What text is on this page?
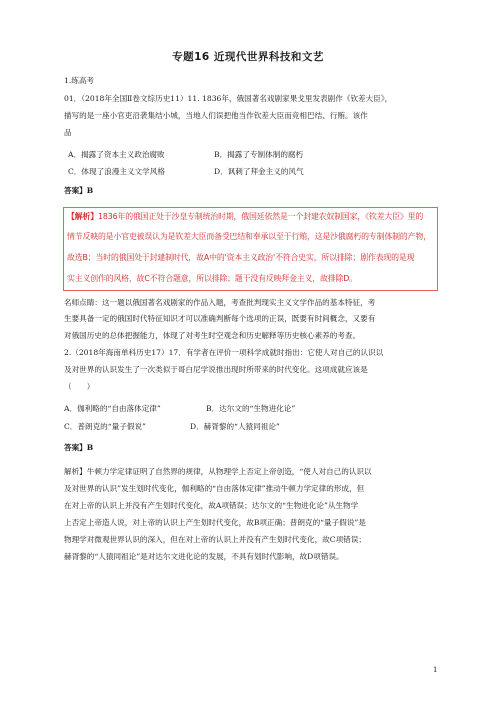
专题16 近现代世界科技和文艺
1.练高考
01．（2018年全国Ⅱ卷文综历史11）11. 1836年，俄国著名戏剧家果戈里发表剧作《钦差大臣》，
描写的是一座小官吏沿袭集结小城，当地人们误把他当作钦差大臣而竞相巴结、行贿。该作
品
A．揭露了资本主义政治腐败	B．揭露了专制体制的腐朽
C．体现了浪漫主义文学风格	D．讽刺了拜金主义的风气
答案】B
【解析】1836年的俄国正处于沙皇专制统治时期，俄国廷依然是一个封建农奴制国家，《钦差大臣》里的
情节反映的是小官吏被误认为是钦差大臣而备受巴结和奉承以至于行贿，这是沙俄腐朽的专制体制的产物，
故选B；当时的俄国处于封建制时代，故A中的'资本主义政治'不符合史实，所以排除；剧作表现的是现
实主义创作的风格，故C不符合题意，所以排除；题干没有反映拜金主义，故排除D。
名师点睛：这一题以俄国著名戏剧家的作品入题，考查批判现实主义文学作品的基本特征，考
生要具备一定的俄国时代特征知识才可以准确判断每个选项的正误，既要有时间概念，又要有
对俄国历史的总体把握能力，体现了对考生时空观念和历史解释等历史核心素养的考查。
2.（2018年海南单科历史17）17．有学者在评价一项科学成就时指出：它使人对自己的认识以
及对世界的认识发生了一次类似于哥白尼学说推出现时所带来的时代变化。这项成就应该是
（　　）
A．伽利略的“自由落体定律”	B．达尔文的“生物进化论”
C．普朗克的“量子假说”	D．赫胥黎的“人猿同祖论”
答案】B
解析】牛顿力学定律证明了自然界的规律，从物理学上否定上帝创造，“使人对自己的认识以
及对世界的认识”发生划时代变化，伽利略的“自由落体定律”推动牛顿力学定律的形成，但
在对上帝的认识上并没有产生划时代变化，故A项错误；达尔文的“生物进化论”从生物学
上否定上帝造人说，对上帝的认识上产生划时代变化，故B项正确；普朗克的“量子假说”是
物理学对微观世界认识的深入，但在对上帝的认识上并没有产生划时代变化，故C项错误；
赫胥黎的“人猿同祖论”是对达尔文进化论的发展，不具有划时代影响，故D项错误。
1
